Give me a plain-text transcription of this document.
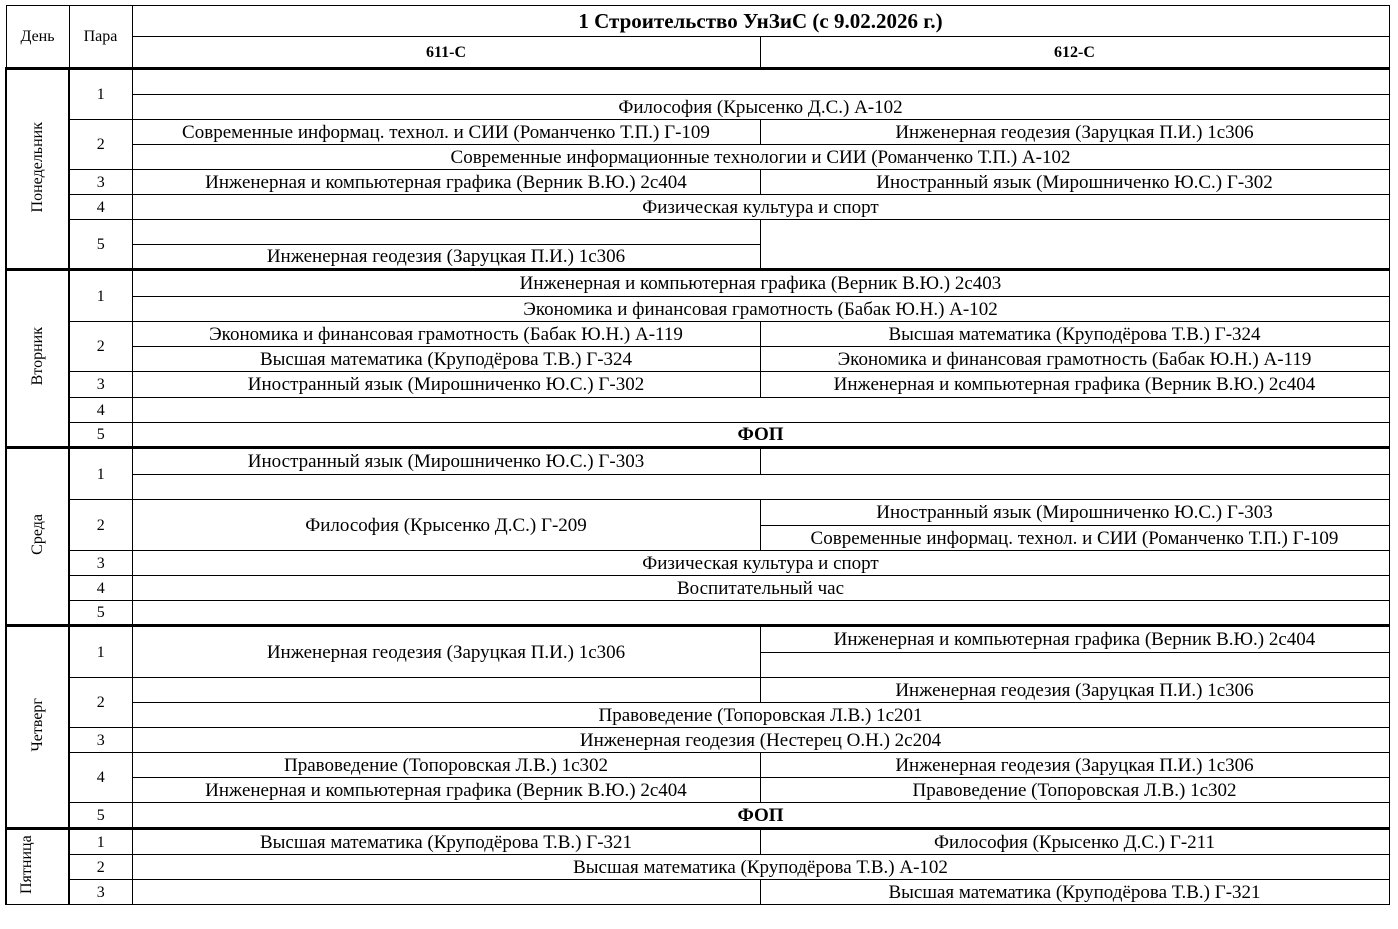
День	Пара	1 Строительство УнЗиС (с 9.02.2026 г.)	
		611-С	612-С
Понедельник	1		
		Философия (Крысенко Д.С.) А-102	
	2	Современные информац. технол. и СИИ (Романченко Т.П.) Г-109	Инженерная геодезия (Заруцкая П.И.) 1с306
		Современные информационные технологии и СИИ (Романченко Т.П.) А-102	
	3	Инженерная и компьютерная графика (Верник В.Ю.) 2с404	Иностранный язык (Мирошниченко Ю.С.) Г-302
	4	Физическая культура и спорт	
	5		

		Инженерная геодезия (Заруцкая П.И.) 1с306	

Вторник	1	Инженерная и компьютерная графика (Верник В.Ю.) 2с403	
		Экономика и финансовая грамотность (Бабак Ю.Н.) А-102	
	2	Экономика и финансовая грамотность (Бабак Ю.Н.) А-119	Высшая математика (Круподёрова Т.В.) Г-324
		Высшая математика (Круподёрова Т.В.) Г-324	Экономика и финансовая грамотность (Бабак Ю.Н.) А-119
	3	Иностранный язык (Мирошниченко Ю.С.) Г-302	Инженерная и компьютерная графика (Верник В.Ю.) 2с404
	4		
	5	ФОП	
Среда	1	Иностранный язык (Мирошниченко Ю.С.) Г-303	

	2	Философия (Крысенко Д.С.) Г-209	Иностранный язык (Мирошниченко Ю.С.) Г-303
			Современные информац. технол. и СИИ (Романченко Т.П.) Г-109
	3	Физическая культура и спорт	
	4	Воспитательный час	
	5		
Четверг	1	Инженерная геодезия (Заруцкая П.И.) 1с306	Инженерная и компьютерная графика (Верник В.Ю.) 2с404

	2		Инженерная геодезия (Заруцкая П.И.) 1с306
		Правоведение (Топоровская Л.В.) 1с201	
	3	Инженерная геодезия (Нестерец О.Н.) 2с204	
	4	Правоведение (Топоровская Л.В.) 1с302	Инженерная геодезия (Заруцкая П.И.) 1с306
		Инженерная и компьютерная графика (Верник В.Ю.) 2с404	Правоведение (Топоровская Л.В.) 1с302
	5	ФОП	

Пятница	1	Высшая математика (Круподёрова Т.В.) Г-321	Философия (Крысенко Д.С.) Г-211
	2	Высшая математика (Круподёрова Т.В.) А-102	
	3		Высшая математика (Круподёрова Т.В.) Г-321
